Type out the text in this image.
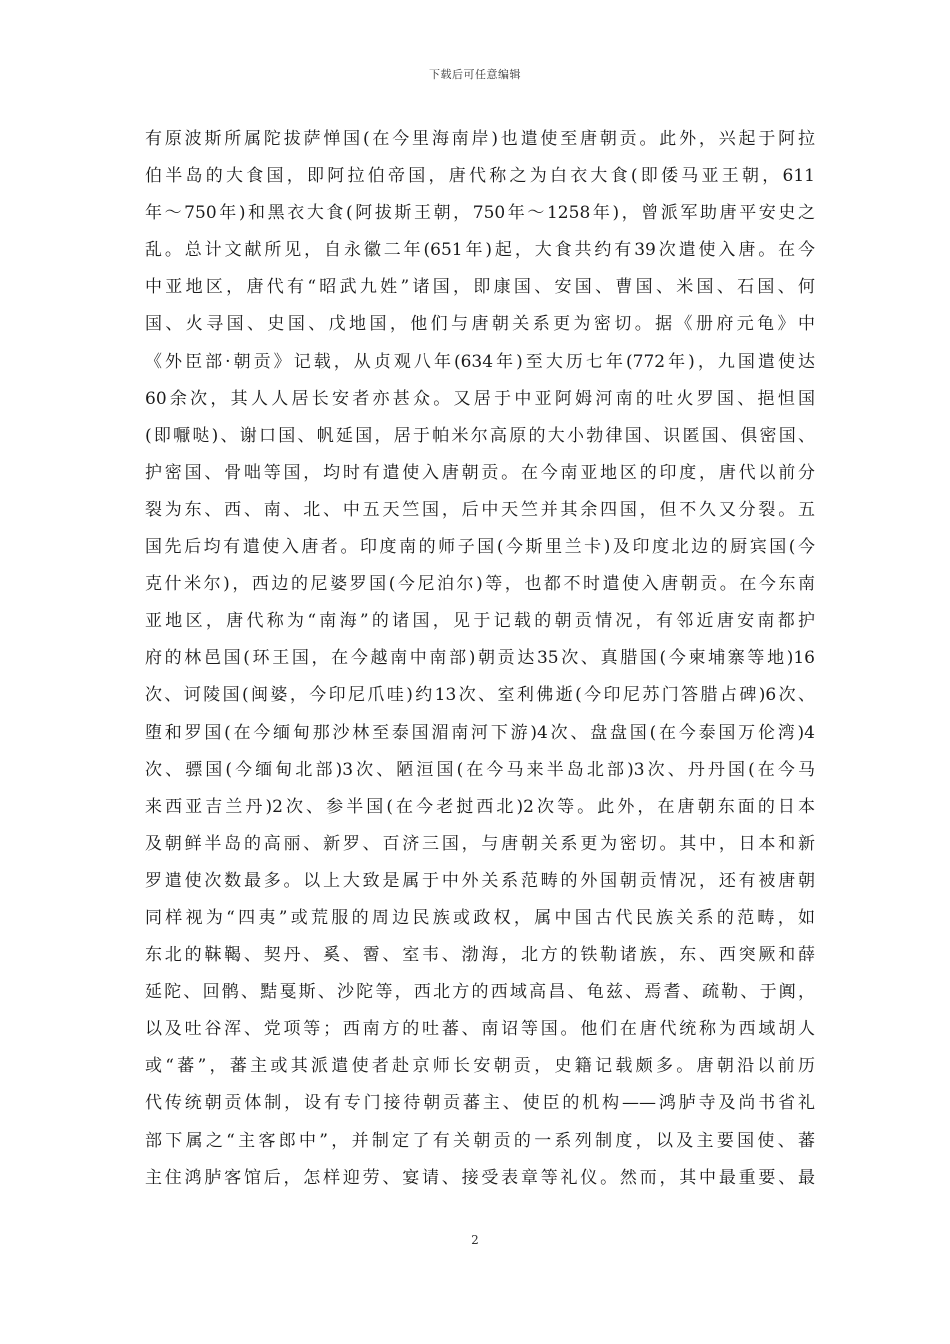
下载后可任意编辑
有原波斯所属陀拔萨惮国(在今里海南岸)也遣使至唐朝贡。此外，兴起于阿拉
伯半岛的大食国，即阿拉伯帝国，唐代称之为白衣大食(即倭马亚王朝，611
年～750年)和黑衣大食(阿拔斯王朝，750年～1258年)，曾派军助唐平安史之
乱。总计文献所见，自永徽二年(651年)起，大食共约有39次遣使入唐。在今
中亚地区，唐代有“昭武九姓”诸国，即康国、安国、曹国、米国、石国、何
国、火寻国、史国、戊地国，他们与唐朝关系更为密切。据《册府元龟》中
《外臣部·朝贡》记载，从贞观八年(634年)至大历七年(772年)，九国遣使达
60余次，其人人居长安者亦甚众。又居于中亚阿姆河南的吐火罗国、挹怛国
(即嚈哒)、谢口国、帆延国，居于帕米尔高原的大小勃律国、识匿国、俱密国、
护密国、骨咄等国，均时有遣使入唐朝贡。在今南亚地区的印度，唐代以前分
裂为东、西、南、北、中五天竺国，后中天竺并其余四国，但不久又分裂。五
国先后均有遣使入唐者。印度南的师子国(今斯里兰卡)及印度北边的厨宾国(今
克什米尔)，西边的尼婆罗国(今尼泊尔)等，也都不时遣使入唐朝贡。在今东南
亚地区，唐代称为“南海”的诸国，见于记载的朝贡情况，有邻近唐安南都护
府的林邑国(环王国，在今越南中南部)朝贡达35次、真腊国(今柬埔寨等地)16
次、诃陵国(闽婆，今印尼爪哇)约13次、室利佛逝(今印尼苏门答腊占碑)6次、
堕和罗国(在今缅甸那沙林至泰国湄南河下游)4次、盘盘国(在今泰国万伦湾)4
次、骠国(今缅甸北部)3次、陋洹国(在今马来半岛北部)3次、丹丹国(在今马
来西亚吉兰丹)2次、参半国(在今老挝西北)2次等。此外，在唐朝东面的日本
及朝鲜半岛的高丽、新罗、百济三国，与唐朝关系更为密切。其中，日本和新
罗遣使次数最多。以上大致是属于中外关系范畴的外国朝贡情况，还有被唐朝
同样视为“四夷”或荒服的周边民族或政权，属中国古代民族关系的范畴，如
东北的靺鞨、契丹、奚、霫、室韦、渤海，北方的铁勒诸族，东、西突厥和薛
延陀、回鹘、黠戛斯、沙陀等，西北方的西域高昌、龟兹、焉耆、疏勒、于阗，
以及吐谷浑、党项等；西南方的吐蕃、南诏等国。他们在唐代统称为西域胡人
或“蕃”，蕃主或其派遣使者赴京师长安朝贡，史籍记载颇多。唐朝沿以前历
代传统朝贡体制，设有专门接待朝贡蕃主、使臣的机构——鸿胪寺及尚书省礼
部下属之“主客郎中”，并制定了有关朝贡的一系列制度，以及主要国使、蕃
主住鸿胪客馆后，怎样迎劳、宴请、接受表章等礼仪。然而，其中最重要、最
2
